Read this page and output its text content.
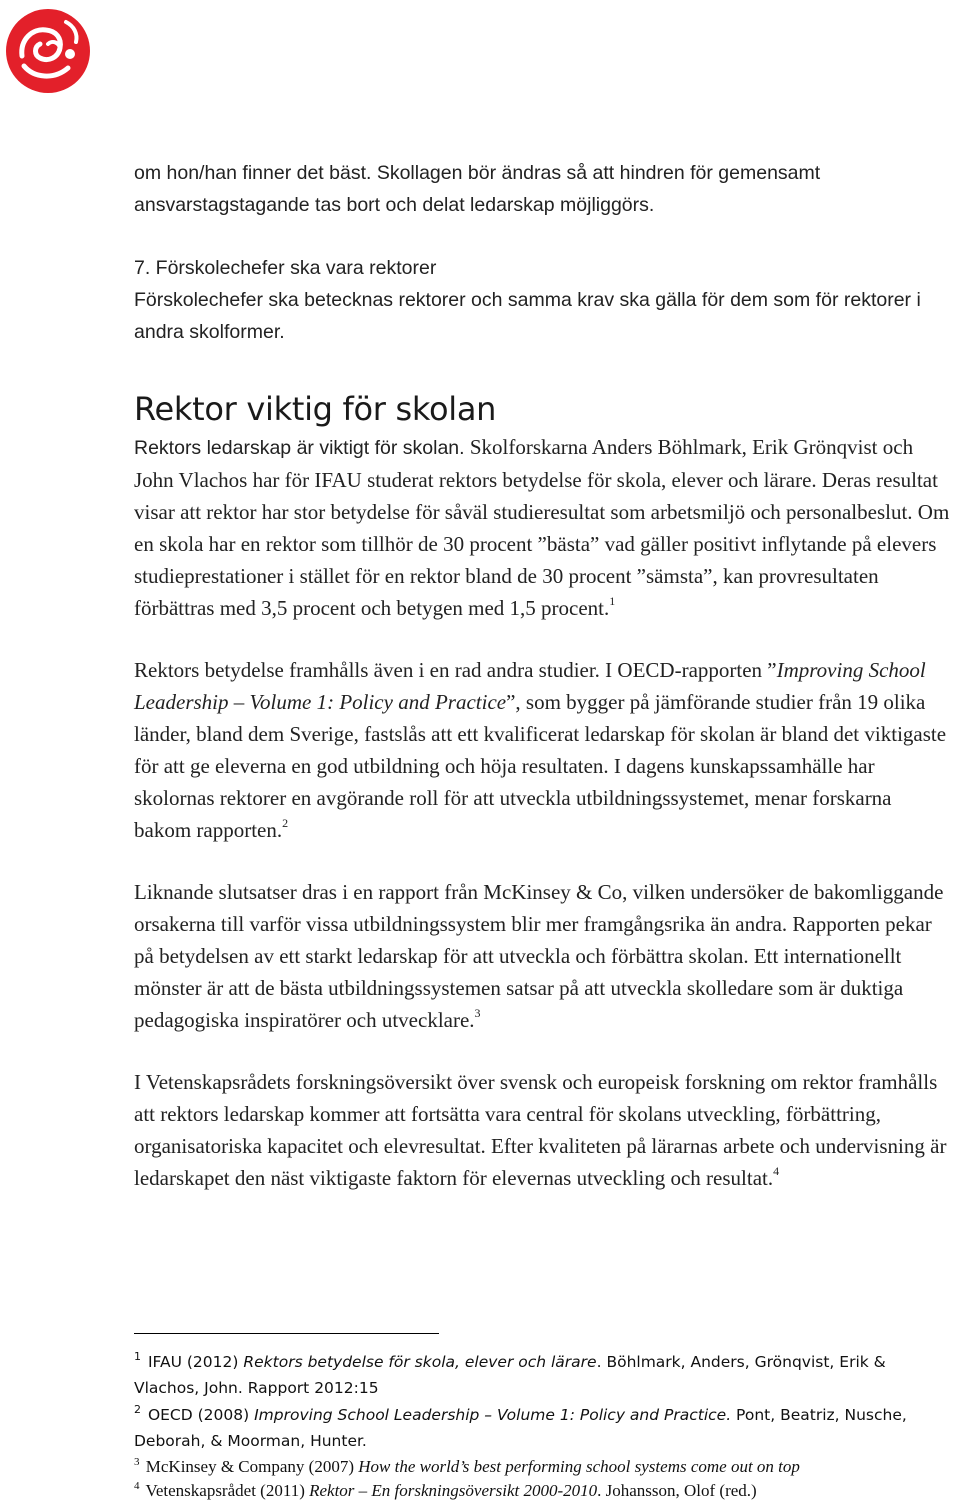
om hon/han finner det bäst. Skollagen bör ändras så att hindren för gemensamt ansvarstagstagande tas bort och delat ledarskap möjliggörs.

7. Förskolechefer ska vara rektorer

Förskolechefer ska betecknas rektorer och samma krav ska gälla för dem som för rektorer i andra skolformer.

Rektor viktig för skolan

Rektors ledarskap är viktigt för skolan. Skolforskarna Anders Böhlmark, Erik Grönqvist och John Vlachos har för IFAU studerat rektors betydelse för skola, elever och lärare. Deras resultat visar att rektor har stor betydelse för såväl studieresultat som arbetsmiljö och personalbeslut. Om en skola har en rektor som tillhör de 30 procent ”bästa” vad gäller positivt inflytande på elevers studieprestationer i stället för en rektor bland de 30 procent ”sämsta”, kan provresultaten förbättras med 3,5 procent och betygen med 1,5 procent.$^1$

Rektors betydelse framhålls även i en rad andra studier. I OECD-rapporten ”Improving School Leadership – Volume 1: Policy and Practice”, som bygger på jämförande studier från 19 olika länder, bland dem Sverige, fastslås att ett kvalificerat ledarskap för skolan är bland det viktigaste för att ge eleverna en god utbildning och höja resultaten. I dagens kunskapssamhälle har skolornas rektorer en avgörande roll för att utveckla utbildningssystemet, menar forskarna bakom rapporten.$^2$

Liknande slutsatser dras i en rapport från McKinsey & Co, vilken undersöker de bakomliggande orsakerna till varför vissa utbildningssystem blir mer framgångsrika än andra. Rapporten pekar på betydelsen av ett starkt ledarskap för att utveckla och förbättra skolan. Ett internationellt mönster är att de bästa utbildningssystemen satsar på att utveckla skolledare som är duktiga pedagogiska inspiratörer och utvecklare.$^3$

I Vetenskapsrådets forskningsöversikt över svensk och europeisk forskning om rektor framhålls att rektors ledarskap kommer att fortsätta vara central för skolans utveckling, förbättring, organisatoriska kapacitet och elevresultat. Efter kvaliteten på lärarnas arbete och undervisning är ledarskapet den näst viktigaste faktorn för elevernas utveckling och resultat.$^4$

$^1$ IFAU (2012) Rektors betydelse för skola, elever och lärare. Böhlmark, Anders, Grönqvist, Erik & Vlachos, John. Rapport 2012:15

$^2$ OECD (2008) Improving School Leadership – Volume 1: Policy and Practice. Pont, Beatriz, Nusche, Deborah, & Moorman, Hunter.

$^3$ McKinsey & Company (2007) How the world’s best performing school systems come out on top

$^4$ Vetenskapsrådet (2011) Rektor – En forskningsöversikt 2000-2010. Johansson, Olof (red.)
